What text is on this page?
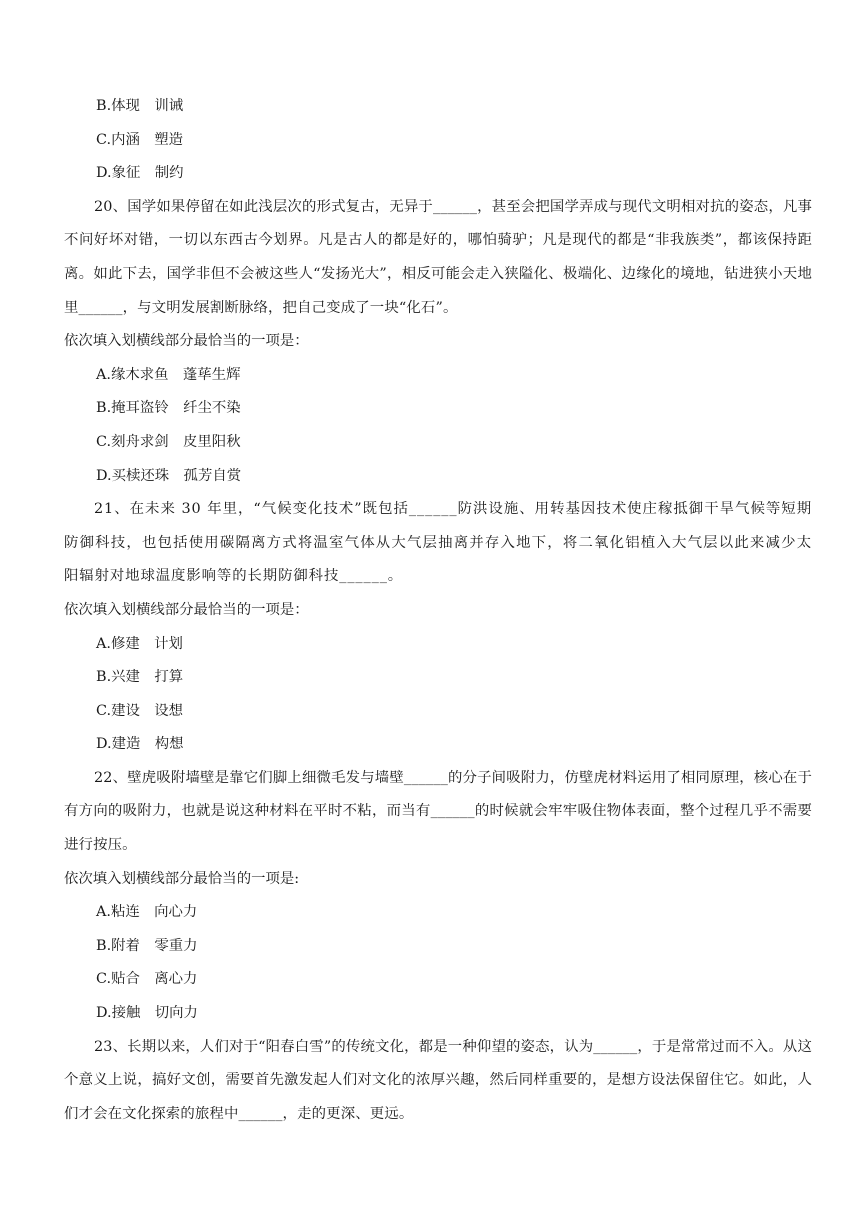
B.体现　训诫
C.内涵　塑造
D.象征　制约

20、国学如果停留在如此浅层次的形式复古，无异于______，甚至会把国学弄成与现代文明相对抗的姿态，凡事不问好坏对错，一切以东西古今划界。凡是古人的都是好的，哪怕骑驴；凡是现代的都是“非我族类”，都该保持距离。如此下去，国学非但不会被这些人“发扬光大”，相反可能会走入狭隘化、极端化、边缘化的境地，钻进狭小天地里______，与文明发展割断脉络，把自己变成了一块“化石”。

依次填入划横线部分最恰当的一项是：

A.缘木求鱼　蓬荜生辉
B.掩耳盗铃　纤尘不染
C.刻舟求剑　皮里阳秋
D.买椟还珠　孤芳自赏

21、在未来 30 年里，“气候变化技术”既包括______防洪设施、用转基因技术使庄稼抵御干旱气候等短期防御科技，也包括使用碳隔离方式将温室气体从大气层抽离并存入地下，将二氧化铝植入大气层以此来减少太阳辐射对地球温度影响等的长期防御科技______。

依次填入划横线部分最恰当的一项是：

A.修建　计划
B.兴建　打算
C.建设　设想
D.建造　构想

22、壁虎吸附墙壁是靠它们脚上细微毛发与墙壁______的分子间吸附力，仿壁虎材料运用了相同原理，核心在于有方向的吸附力，也就是说这种材料在平时不粘，而当有______的时候就会牢牢吸住物体表面，整个过程几乎不需要进行按压。

依次填入划横线部分最恰当的一项是:

A.粘连　向心力
B.附着　零重力
C.贴合　离心力
D.接触　切向力

23、长期以来，人们对于“阳春白雪”的传统文化，都是一种仰望的姿态，认为______，于是常常过而不入。从这个意义上说，搞好文创，需要首先激发起人们对文化的浓厚兴趣，然后同样重要的，是想方设法保留住它。如此，人们才会在文化探索的旅程中______，走的更深、更远。
